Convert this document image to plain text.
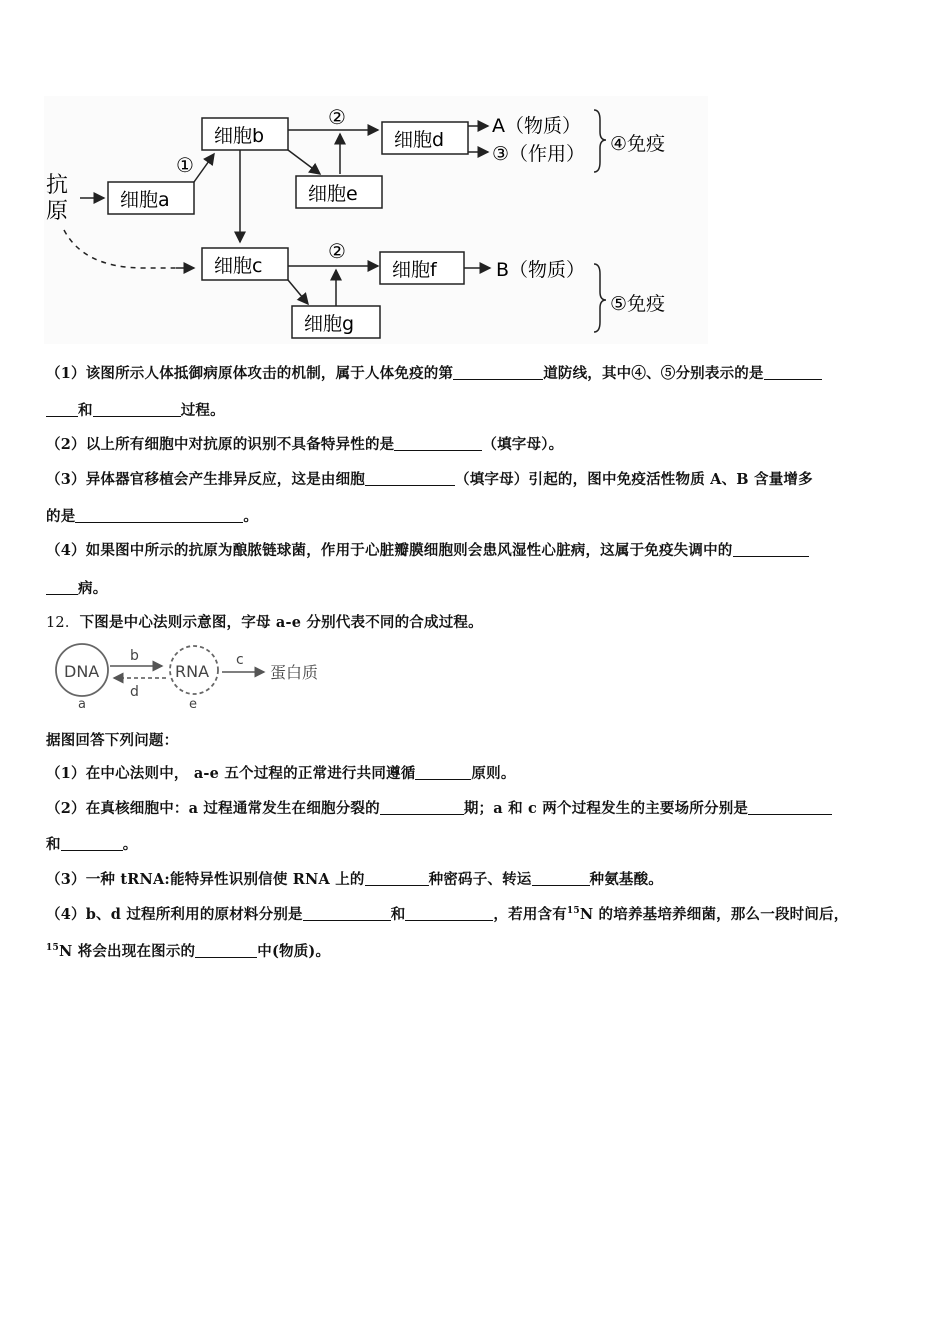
抗
原	细胞a
①
细胞b
②
细胞e
细胞d
A（物质）
③（作用） ④免疫
细胞c
②
细胞g
细胞f	B（物质）
⑤免疫
（1）该图所示人体抵御病原体攻击的机制，属于人体免疫的第	道防线，其中④、⑤分别表示的是
和	过程。
（2）以上所有细胞中对抗原的识别不具备特异性的是	（填字母）。
（3）异体器官移植会产生排异反应，这是由细胞	（填字母）引起的，图中免疫活性物质 A、B 含量增多
的是	。
（4）如果图中所示的抗原为酿脓链球菌，作用于心脏瓣膜细胞则会患风湿性心脏病，这属于免疫失调中的
病。
12．下图是中心法则示意图，字母 a-e 分别代表不同的合成过程。
DNA	RNA
b
d
c
蛋白质
a	e
据图回答下列问题：
（1）在中心法则中， a-e 五个过程的正常进行共同遵循	原则。
（2）在真核细胞中：a 过程通常发生在细胞分裂的	期；a 和 c 两个过程发生的主要场所分别是
和	。
（3）一种 tRNA:能特异性识别信使 RNA 上的	种密码子、转运	种氨基酸。
（4）b、d 过程所利用的原材料分别是	和	，若用含有$^{15}$N 的培养基培养细菌，那么一段时间后，
$^{15}$N 将会出现在图示的	中(物质)。
